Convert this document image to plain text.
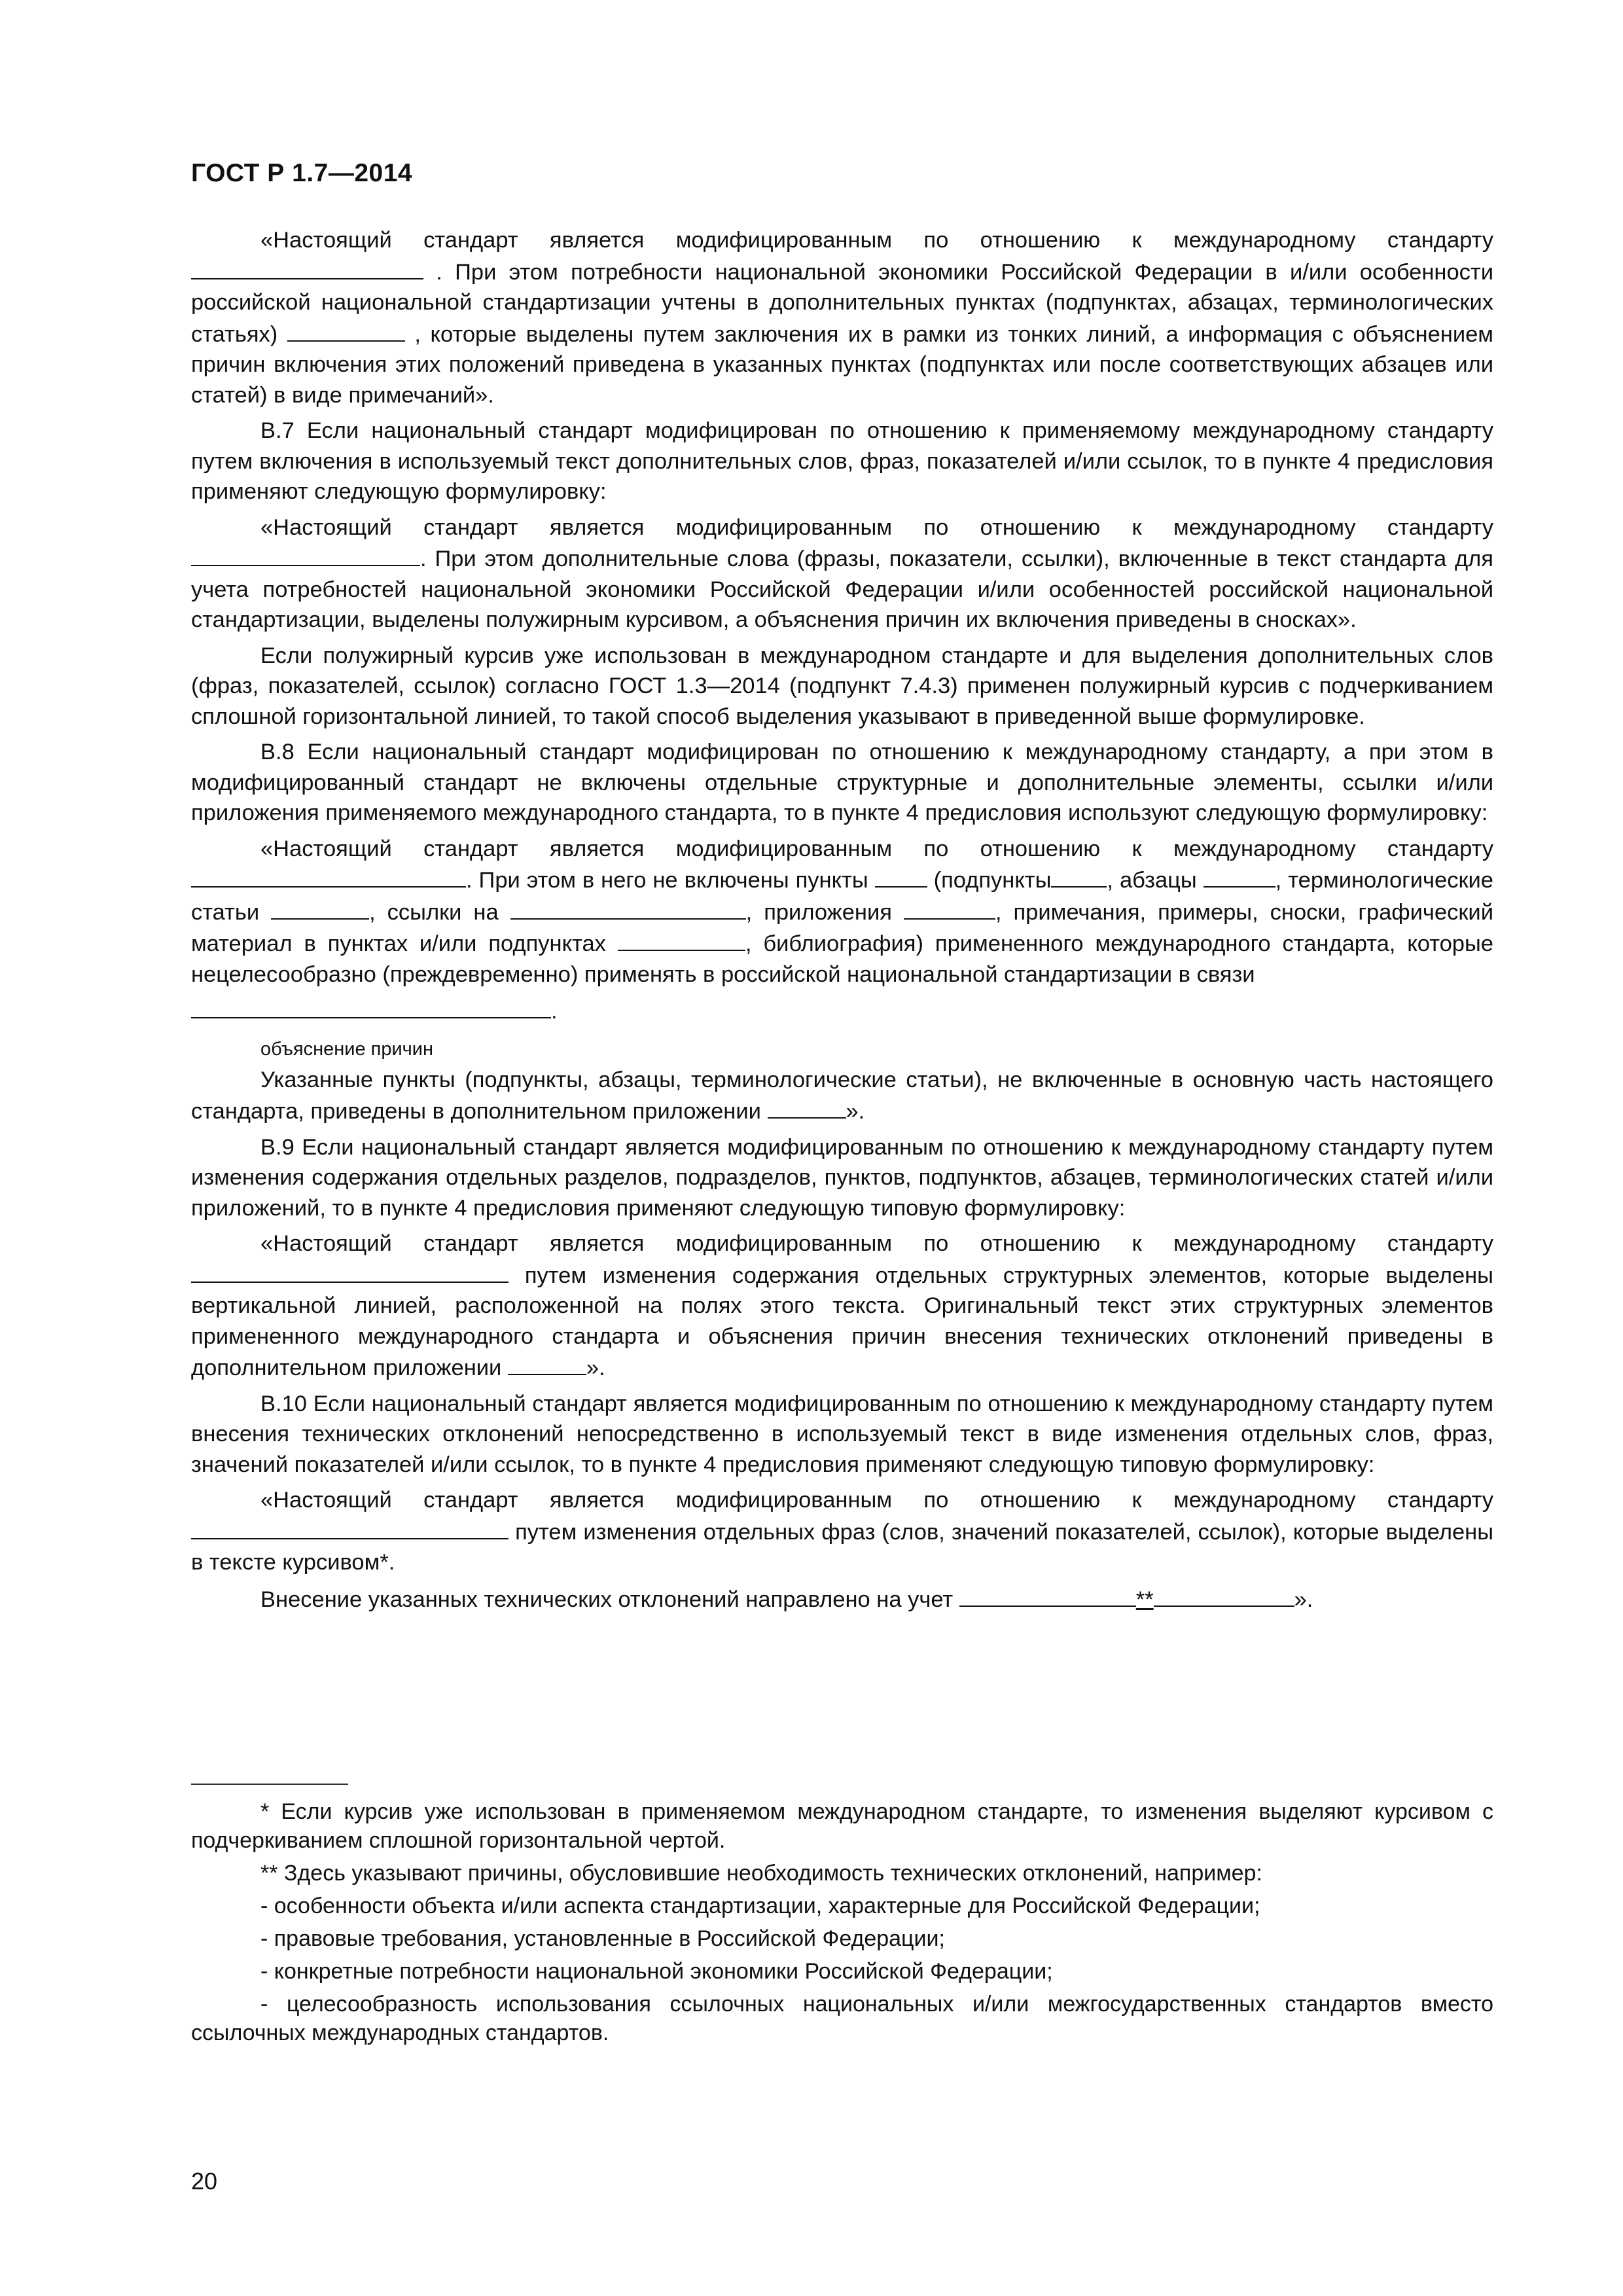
ГОСТ Р 1.7—2014

«Настоящий стандарт является модифицированным по отношению к международному стандарту  . При этом потребности национальной экономики Российской Федерации в и/или особенности российской национальной стандартизации учтены в дополнительных пунктах (подпунктах, абзацах, терминологических статьях)	, которые выделены путем заключения их в рамки из тонких линий, а информация с объяснением причин включения этих положений приведена в указанных пунктах (подпунктах или после соответствующих абзацев или статей) в виде примечаний».

В.7 Если национальный стандарт модифицирован по отношению к применяемому международному стандарту путем включения в используемый текст дополнительных слов, фраз, показателей и/или ссылок, то в пункте 4 предисловия применяют следующую формулировку:

«Настоящий стандарт является модифицированным по отношению к международному стандарту . При этом дополнительные слова (фразы, показатели, ссылки), включенные в текст стандарта для учета потребностей национальной экономики Российской Федерации и/или особенностей российской национальной стандартизации, выделены полужирным курсивом, а объяснения причин их включения приведены в сносках».

Если полужирный курсив уже использован в международном стандарте и для выделения дополнительных слов (фраз, показателей, ссылок) согласно ГОСТ 1.3—2014 (подпункт 7.4.3) применен полужирный курсив с подчеркиванием сплошной горизонтальной линией, то такой способ выделения указывают в приведенной выше формулировке.

В.8 Если национальный стандарт модифицирован по отношению к международному стандарту, а при этом в модифицированный стандарт не включены отдельные структурные и дополнительные элементы, ссылки и/или приложения применяемого международного стандарта, то в пункте 4 предисловия используют следующую формулировку:

«Настоящий стандарт является модифицированным по отношению к международному стандарту . При этом в него не включены пункты	(подпункты , абзацы	, терминологические статьи	, ссылки на	, приложения	, примечания, примеры, сноски, графический материал в пунктах и/или подпунктах	, библиография) примененного международного стандарта, которые нецелесообразно (преждевременно) применять в российской национальной стандартизации в связи

.

объяснение причин

Указанные пункты (подпункты, абзацы, терминологические статьи), не включенные в основную часть настоящего стандарта, приведены в дополнительном приложении	».

В.9 Если национальный стандарт является модифицированным по отношению к международному стандарту путем изменения содержания отдельных разделов, подразделов, пунктов, подпунктов, абзацев, терминологических статей и/или приложений, то в пункте 4 предисловия применяют следующую типовую формулировку:

«Настоящий стандарт является модифицированным по отношению к международному стандарту  путем изменения содержания отдельных структурных элементов, которые выделены вертикальной линией, расположенной на полях этого текста. Оригинальный текст этих структурных элементов примененного международного стандарта и объяснения причин внесения технических отклонений приведены в дополнительном приложении	».

В.10 Если национальный стандарт является модифицированным по отношению к международному стандарту путем внесения технических отклонений непосредственно в используемый текст в виде изменения отдельных слов, фраз, значений показателей и/или ссылок, то в пункте 4 предисловия применяют следующую типовую формулировку:

«Настоящий стандарт является модифицированным по отношению к международному стандарту  путем изменения отдельных фраз (слов, значений показателей, ссылок), которые выделены в тексте курсивом*.

Внесение указанных технических отклонений направлено на учет	**	».

* Если курсив уже использован в применяемом международном стандарте, то изменения выделяют курсивом с подчеркиванием сплошной горизонтальной чертой.

** Здесь указывают причины, обусловившие необходимость технических отклонений, например:

- особенности объекта и/или аспекта стандартизации, характерные для Российской Федерации;

- правовые требования, установленные в Российской Федерации;

- конкретные потребности национальной экономики Российской Федерации;

- целесообразность использования ссылочных национальных и/или межгосударственных стандартов вместо ссылочных международных стандартов.

20
